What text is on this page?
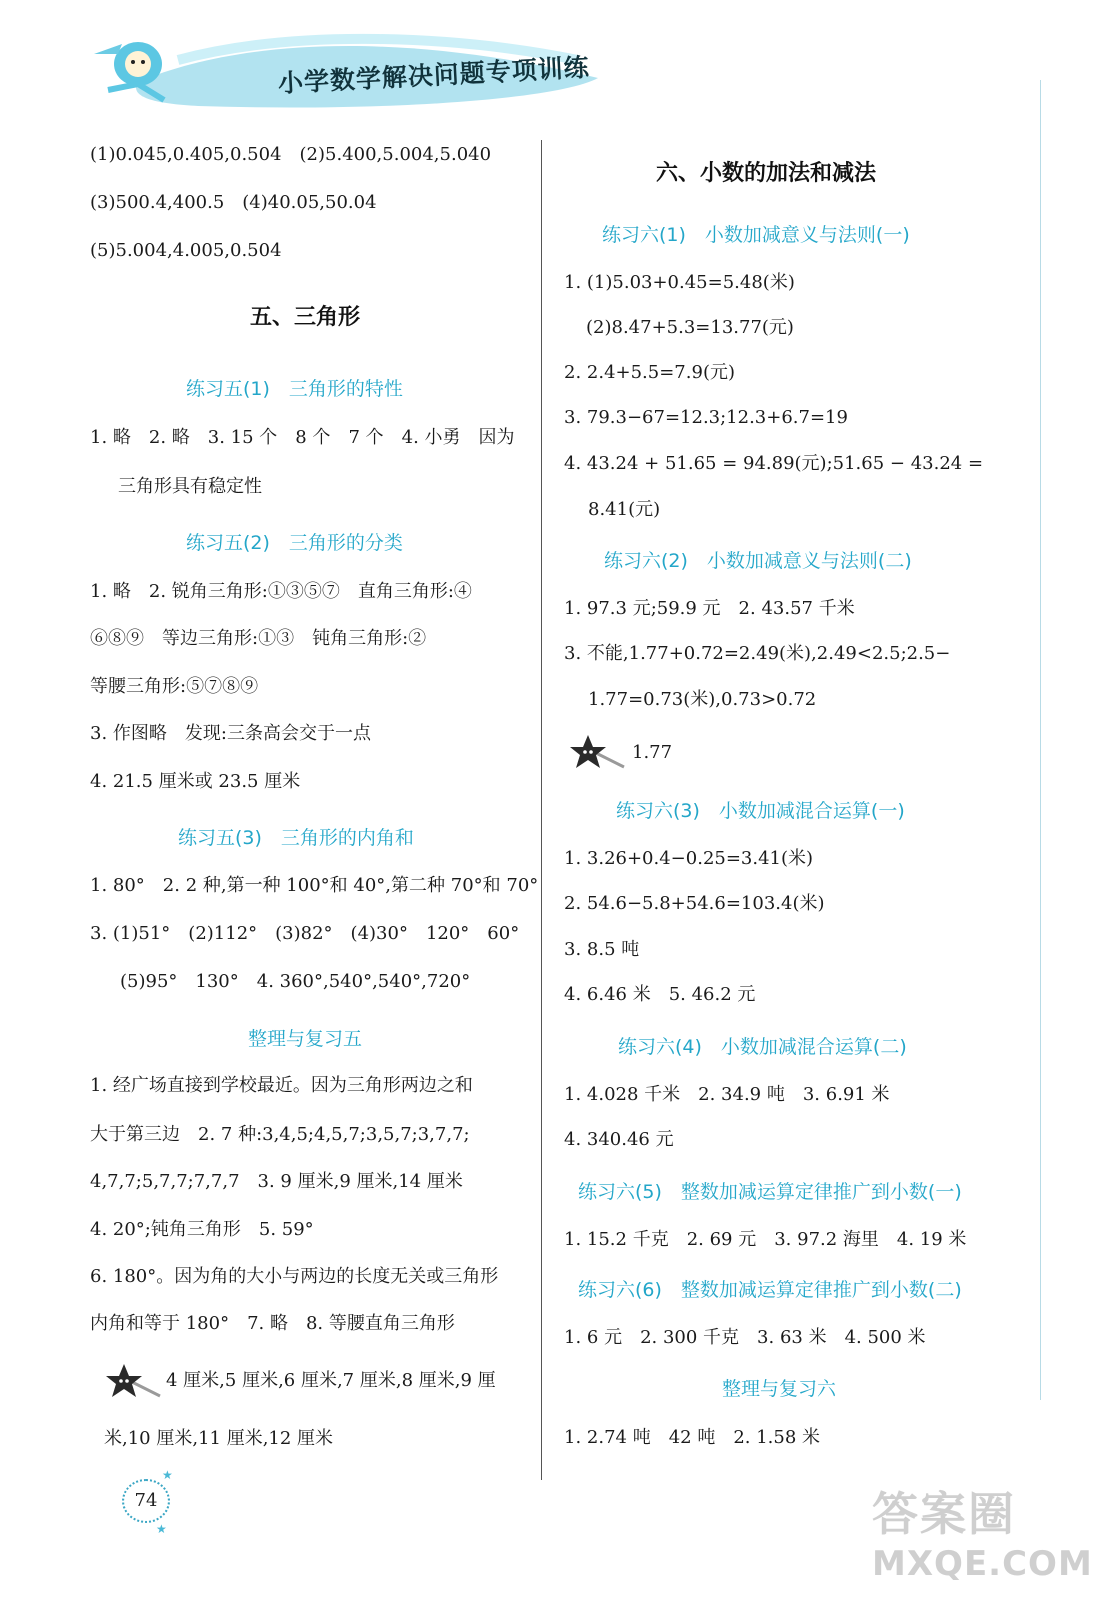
小学数学解决问题专项训练
(1)0.045,0.405,0.504　(2)5.400,5.004,5.040
(3)500.4,400.5　(4)40.05,50.04
(5)5.004,4.005,0.504
五、三角形
练习五(1)　三角形的特性
1. 略　2. 略　3. 15 个　8 个　7 个　4. 小勇　因为
三角形具有稳定性
练习五(2)　三角形的分类
1. 略　2. 锐角三角形:①③⑤⑦　直角三角形:④
⑥⑧⑨　等边三角形:①③　钝角三角形:②
等腰三角形:⑤⑦⑧⑨
3. 作图略　发现:三条高会交于一点
4. 21.5 厘米或 23.5 厘米
练习五(3)　三角形的内角和
1. 80°　2. 2 种,第一种 100°和 40°,第二种 70°和 70°
3. (1)51°　(2)112°　(3)82°　(4)30°　120°　60°
(5)95°　130°　4. 360°,540°,540°,720°
整理与复习五
1. 经广场直接到学校最近。因为三角形两边之和
大于第三边　2. 7 种:3,4,5;4,5,7;3,5,7;3,7,7;
4,7,7;5,7,7;7,7,7　3. 9 厘米,9 厘米,14 厘米
4. 20°;钝角三角形　5. 59°
6. 180°。因为角的大小与两边的长度无关或三角形
内角和等于 180°　7. 略　8. 等腰直角三角形
4 厘米,5 厘米,6 厘米,7 厘米,8 厘米,9 厘
米,10 厘米,11 厘米,12 厘米
六、小数的加法和减法
练习六(1)　小数加减意义与法则(一)
1. (1)5.03+0.45=5.48(米)
(2)8.47+5.3=13.77(元)
2. 2.4+5.5=7.9(元)
3. 79.3−67=12.3;12.3+6.7=19
4. 43.24 + 51.65 = 94.89(元);51.65 − 43.24 =
8.41(元)
练习六(2)　小数加减意义与法则(二)
1. 97.3 元;59.9 元　2. 43.57 千米
3. 不能,1.77+0.72=2.49(米),2.49<2.5;2.5−
1.77=0.73(米),0.73>0.72
1.77
练习六(3)　小数加减混合运算(一)
1. 3.26+0.4−0.25=3.41(米)
2. 54.6−5.8+54.6=103.4(米)
3. 8.5 吨
4. 6.46 米　5. 46.2 元
练习六(4)　小数加减混合运算(二)
1. 4.028 千米　2. 34.9 吨　3. 6.91 米
4. 340.46 元
练习六(5)　整数加减运算定律推广到小数(一)
1. 15.2 千克　2. 69 元　3. 97.2 海里　4. 19 米
练习六(6)　整数加减运算定律推广到小数(二)
1. 6 元　2. 300 千克　3. 63 米　4. 500 米
整理与复习六
1. 2.74 吨　42 吨　2. 1.58 米
74
★
★	答案圈
MXQE.COM
